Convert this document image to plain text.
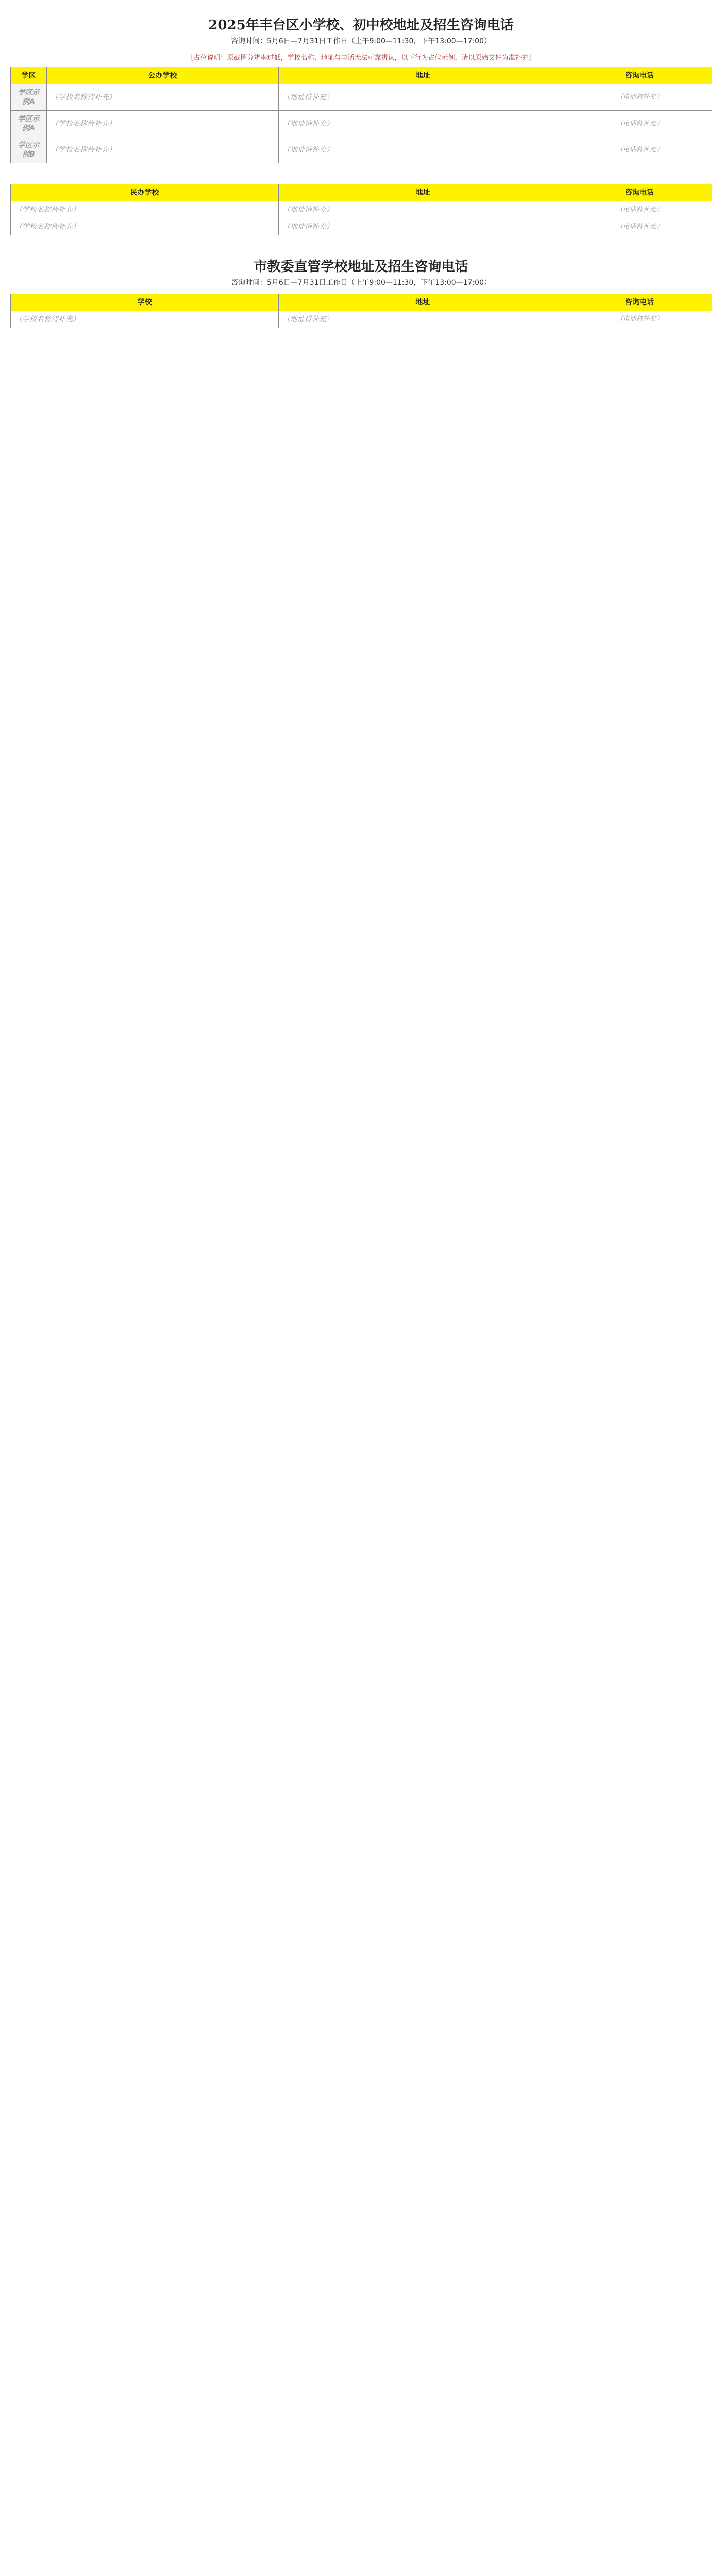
2025年丰台区小学校、初中校地址及招生咨询电话
咨询时间：5月6日—7月31日工作日（上午9:00—11:30，下午13:00—17:00）
［占位说明：原截图分辨率过低，学校名称、地址与电话无法可靠辨认，以下行为占位示例，请以原始文件为准补充］
学区	公办学校	地址	咨询电话
学区示例A	（学校名称待补充）	（地址待补充）	（电话待补充）
学区示例A	（学校名称待补充）	（地址待补充）	（电话待补充）
学区示例B	（学校名称待补充）	（地址待补充）	（电话待补充）
民办学校	地址	咨询电话
（学校名称待补充）	（地址待补充）	（电话待补充）
（学校名称待补充）	（地址待补充）	（电话待补充）
市教委直管学校地址及招生咨询电话
咨询时间：5月6日—7月31日工作日（上午9:00—11:30，下午13:00—17:00）
学校	地址	咨询电话
（学校名称待补充）	（地址待补充）	（电话待补充）
